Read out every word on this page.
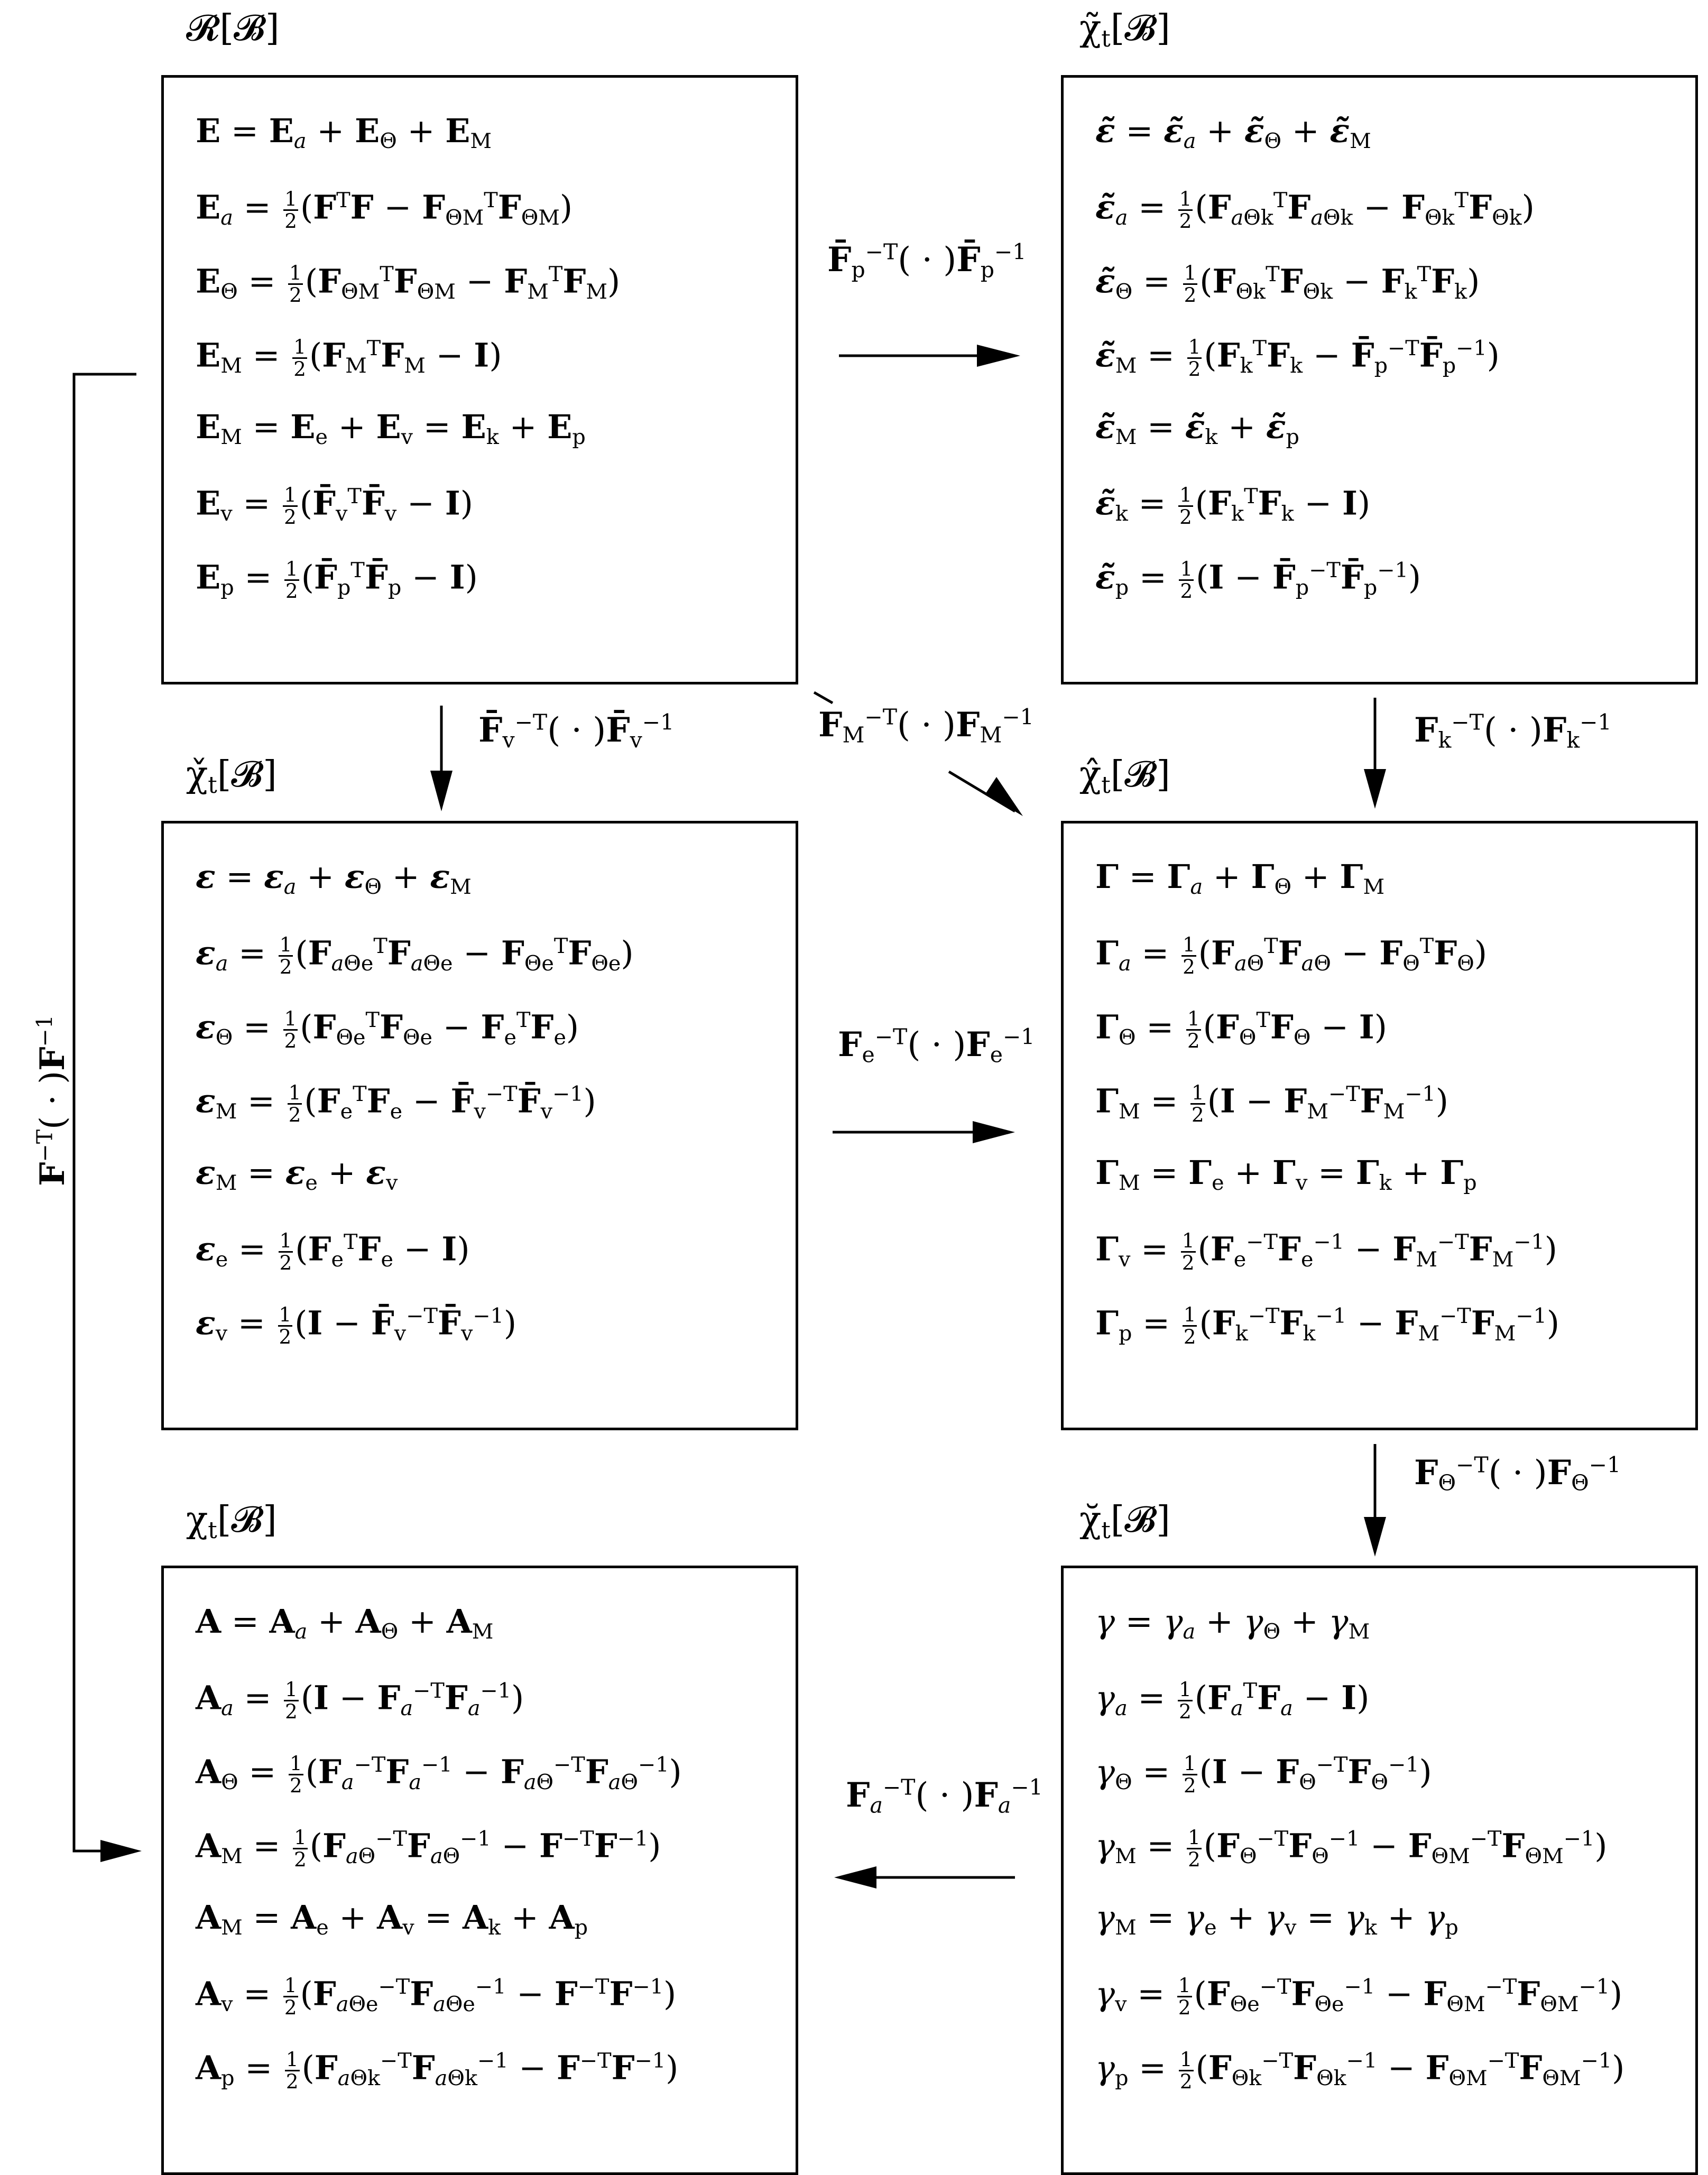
𝓡[𝓑]	$\chĩ_t[𝓑]$
$\chǐ_t[𝓑]$	$\chî_t[𝓑]$
$\chi_t[𝓑]$	$\chĭ_t[𝓑]$
$E = E_a + E_\Theta + E_M$
$E_a = \frac{1}{2} (F^TF - F_{\Theta M}^TF_{\Theta M})$
$E_\Theta = \frac{1}{2} (F_{\Theta M}^TF_{\Theta M} - F_M^TF_M)$
$E_M = \frac{1}{2} (F_M^TF_M - I)$
$E_M = E_e + E_v = E_k + E_p$
$E_v = \frac{1}{2}$ $(F̄_v^TF̄_v - I)$
$E_p = \frac{1}{2}$ $(F̄_p^TF̄_p - I)$
ε̃ = $\varepsiloñ_a$ + $\varepsiloñ_\Theta$ + $\varepsiloñ_M$
$\varepsiloñ_a = \frac{1}{2} (F_{a\Theta k}^TF_{a\Theta k} - F_{\Theta k}^TF_{\Theta k})$
$\varepsiloñ_\Theta = \frac{1}{2} (F_{\Theta k}^TF_{\Theta k} - F_k^TF_k)$
$\varepsiloñ_M = \frac{1}{2} (F_k^TF_k$ − $F̄_p^{-T}F̄_p^{-1}$)
$\varepsiloñ_M$ = $\varepsiloñ_k$ + $\varepsiloñ_p$
$\varepsiloñ_k = \frac{1}{2} (F_k^TF_k - I)$
$\varepsiloñ_p = \frac{1}{2} (I$ − $F̄_p^{-T}F̄_p^{-1}$)
$\varepsilon = \varepsilon_a + \varepsilon_\Theta + \varepsilon_M$
$\varepsilon_a = \frac{1}{2} (F_{a\Theta e}^TF_{a\Theta e} - F_{\Theta e}^TF_{\Theta e})$
$\varepsilon_\Theta = \frac{1}{2} (F_{\Theta e}^TF_{\Theta e} - F_e^TF_e)$
$\varepsilon_M = \frac{1}{2} (F_e^TF_e$ − $F̄_v^{-T}F̄_v^{-1}$)
$\varepsilon_M = \varepsilon_e + \varepsilon_v$
$\varepsilon_e = \frac{1}{2} (F_e^TF_e - I)$
$\varepsilon_v = \frac{1}{2} (I$ − $F̄_v^{-T}F̄_v^{-1}$)
$\Gamma = \Gamma_a + \Gamma_\Theta + \Gamma_M$
$\Gamma_a = \frac{1}{2} (F_{a\Theta}^TF_{a\Theta} - F_\Theta^TF_\Theta)$
$\Gamma_\Theta = \frac{1}{2} (F_\Theta^TF_\Theta - I)$
$\Gamma_M = \frac{1}{2} (I - F_M^{-T}F_M^{-1})$
$\Gamma_M = \Gamma_e + \Gamma_v = \Gamma_k + \Gamma_p$
$\Gamma_v = \frac{1}{2} (F_e^{-T}F_e^{-1} - F_M^{-T}F_M^{-1})$
$\Gamma_p = \frac{1}{2} (F_k^{-T}F_k^{-1} - F_M^{-T}F_M^{-1})$
$A = A_a + A_\Theta + A_M$
$A_a = \frac{1}{2} (I - F_a^{-T}F_a^{-1})$
$A_\Theta = \frac{1}{2} (F_a^{-T}F_a^{-1} - F_{a\Theta}^{-T}F_{a\Theta}^{-1})$
$A_M = \frac{1}{2} (F_{a\Theta}^{-T}F_{a\Theta}^{-1} - F^{-T}F^{-1})$
$A_M = A_e + A_v = A_k + A_p$
$A_v = \frac{1}{2} (F_{a\Theta e}^{-T}F_{a\Theta e}^{-1} - F^{-T}F^{-1})$
$A_p = \frac{1}{2} (F_{a\Theta k}^{-T}F_{a\Theta k}^{-1} - F^{-T}F^{-1})$
$\gamma = \gamma_a + \gamma_\Theta + \gamma_M$
$\gamma_a = \frac{1}{2} (F_a^TF_a - I)$
$\gamma_\Theta = \frac{1}{2} (I - F_\Theta^{-T}F_\Theta^{-1})$
$\gamma_M = \frac{1}{2} (F_\Theta^{-T}F_\Theta^{-1} - F_{\Theta M}^{-T}F_{\Theta M}^{-1})$
$\gamma_M = \gamma_e + \gamma_v = \gamma_k + \gamma_p$
$\gamma_v = \frac{1}{2} (F_{\Theta e}^{-T}F_{\Theta e}^{-1} - F_{\Theta M}^{-T}F_{\Theta M}^{-1})$
$\gamma_p = \frac{1}{2} (F_{\Theta k}^{-T}F_{\Theta k}^{-1} - F_{\Theta M}^{-T}F_{\Theta M}^{-1})$
$F̄_p^{-T}$( · )$F̄_p^{-1}$
$F̄_v^{-T}$( · )$F̄_v^{-1}$	$F_M^{-T}( \cdot )F_M^{-1}$	$F_k^{-T}( \cdot )F_k^{-1}$
$F_e^{-T}( \cdot )F_e^{-1}$
$F_\Theta^{-T}( \cdot )F_\Theta^{-1}$
$F_a^{-T}( \cdot )F_a^{-1}$
$F^{-T}( \cdot )F^{-1}$
